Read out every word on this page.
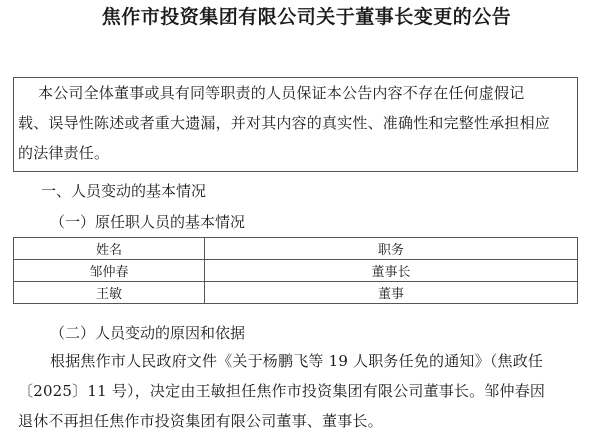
焦作市投资集团有限公司关于董事长变更的公告
本公司全体董事或具有同等职责的人员保证本公告内容不存在任何虚假记
载、误导性陈述或者重大遗漏，并对其内容的真实性、准确性和完整性承担相应
的法律责任。
一、人员变动的基本情况
（一）原任职人员的基本情况
姓名	职务
邹仲春	董事长
王敏	董事
（二）人员变动的原因和依据
根据焦作市人民政府文件《关于杨鹏飞等 19 人职务任免的通知》（焦政任
〔2025〕11 号），决定由王敏担任焦作市投资集团有限公司董事长。邹仲春因
退休不再担任焦作市投资集团有限公司董事、董事长。
